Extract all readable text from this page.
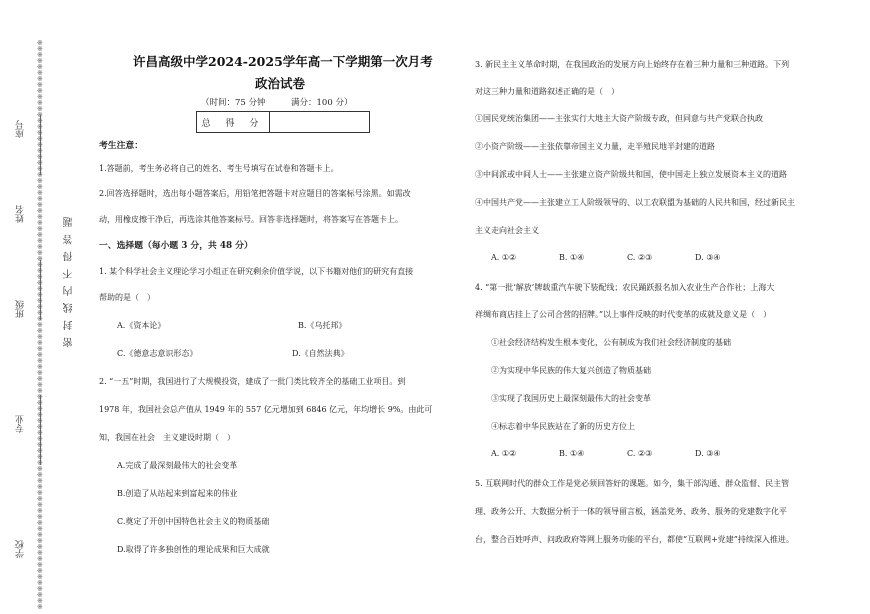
※※※※※※※※※※※※※※※※※※※※※※※※※※※※※※※※※※※※※※※※※※※※※※※※※※※※※※※※※※※※※※※※※※※※※※※※※※※※※※※※※※※※※※※※※※※※※※※
座号
姓名
班级
专业
学校
密 封 线 内 不 得 答 题
许昌高级中学2024-2025学年高一下学期第一次月考
政治试卷
（时间：75 分钟　　　满分：100 分）
总 得 分
考生注意：
1.答题前，考生务必将自己的姓名、考生号填写在试卷和答题卡上。
2.回答选择题时，选出每小题答案后，用铅笔把答题卡对应题目的答案标号涂黑。如需改
动，用橡皮擦干净后，再选涂其他答案标号。回答非选择题时，将答案写在答题卡上。
一、选择题（每小题 3 分，共 48 分）
1. 某个科学社会主义理论学习小组正在研究剩余价值学说，以下书籍对他们的研究有直接
帮助的是（　）
A.《资本论》	B.《乌托邦》
C.《德意志意识形态》	D.《自然法典》
2. “一五”时期，我国进行了大规模投资，建成了一批门类比较齐全的基础工业项目。到
1978 年，我国社会总产值从 1949 年的 557 亿元增加到 6846 亿元，年均增长 9%。由此可
知，我国在社会　主义建设时期（　）
A.完成了最深刻最伟大的社会变革
B.创造了从站起来到富起来的伟业
C.奠定了开创中国特色社会主义的物质基础
D.取得了许多独创性的理论成果和巨大成就
3. 新民主主义革命时期，在我国政治的发展方向上始终存在着三种力量和三种道路。下列
对这三种力量和道路叙述正确的是（　）
①国民党统治集团——主张实行大地主大资产阶级专政，但同意与共产党联合执政
②小资产阶级——主张依靠帝国主义力量，走半殖民地半封建的道路
③中间派或中间人士——主张建立资产阶级共和国，使中国走上独立发展资本主义的道路
④中国共产党——主张建立工人阶级领导的、以工农联盟为基础的人民共和国，经过新民主
主义走向社会主义
A. ①②	B. ①④	C. ②③	D. ③④
4. “第一批‘解放’牌载重汽车驶下装配线；农民踊跃报名加入农业生产合作社；上海大
祥绸布商店挂上了公司合营的招牌。”以上事件反映的时代变革的成就及意义是（　）
①社会经济结构发生根本变化，公有制成为我们社会经济制度的基础
②为实现中华民族的伟大复兴创造了物质基础
③实现了我国历史上最深刻最伟大的社会变革
④标志着中华民族站在了新的历史方位上
A. ①②	B. ①④	C. ②③	D. ③④
5. 互联网时代的群众工作是党必须回答好的课题。如今，集干部沟通、群众监督、民主管
理、政务公开、大数据分析于一体的领导留言板，涵盖党务、政务、服务的党建数字化平
台，整合百姓呼声、问政政府等网上服务功能的平台，都使“互联网+党建”持续深入推进。
